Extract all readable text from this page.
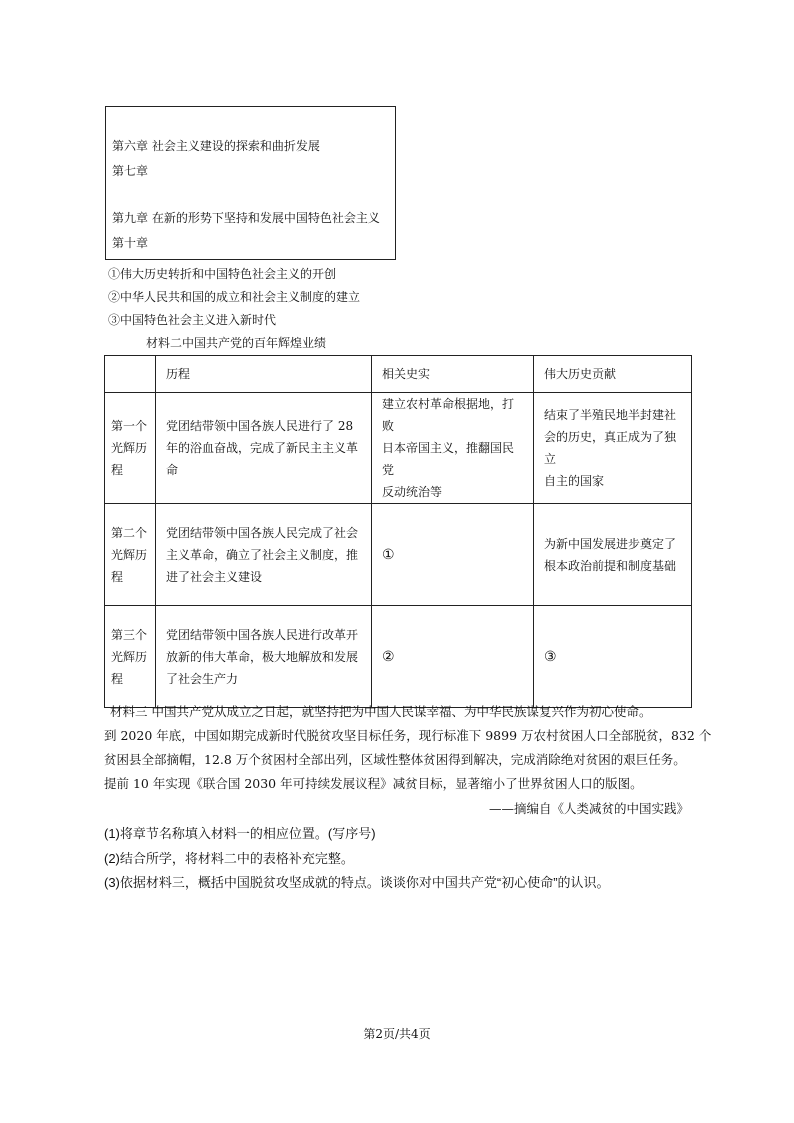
第六章 社会主义建设的探索和曲折发展
第七章
第九章 在新的形势下坚持和发展中国特色社会主义
第十章
①伟大历史转折和中国特色社会主义的开创
②中华人民共和国的成立和社会主义制度的建立
③中国特色社会主义进入新时代
材料二中国共产党的百年辉煌业绩
	历程	相关史实	伟大历史贡献

第一个
光辉历
程	党团结带领中国各族人民进行了 28
年的浴血奋战，完成了新民主主义革
命	建立农村革命根据地，打败
日本帝国主义，推翻国民党
反动统治等	结束了半殖民地半封建社
会的历史，真正成为了独立
自主的国家

第二个
光辉历
程	党团结带领中国各族人民完成了社会
主义革命，确立了社会主义制度，推
进了社会主义建设	①	为新中国发展进步奠定了
根本政治前提和制度基础

第三个
光辉历
程	党团结带领中国各族人民进行改革开
放新的伟大革命，极大地解放和发展
了社会生产力	②	③
材料三 中国共产党从成立之日起，就坚持把为中国人民谋幸福、为中华民族谋复兴作为初心使命。
到 2020 年底，中国如期完成新时代脱贫攻坚目标任务，现行标准下 9899 万农村贫困人口全部脱贫，832 个
贫困县全部摘帽，12.8 万个贫困村全部出列，区域性整体贫困得到解决，完成消除绝对贫困的艰巨任务。
提前 10 年实现《联合国 2030 年可持续发展议程》减贫目标，显著缩小了世界贫困人口的版图。
——摘编自《人类减贫的中国实践》
(1)将章节名称填入材料一的相应位置。(写序号)
(2)结合所学，将材料二中的表格补充完整。
(3)依据材料三，概括中国脱贫攻坚成就的特点。谈谈你对中国共产党“初心使命”的认识。
第2页/共4页
